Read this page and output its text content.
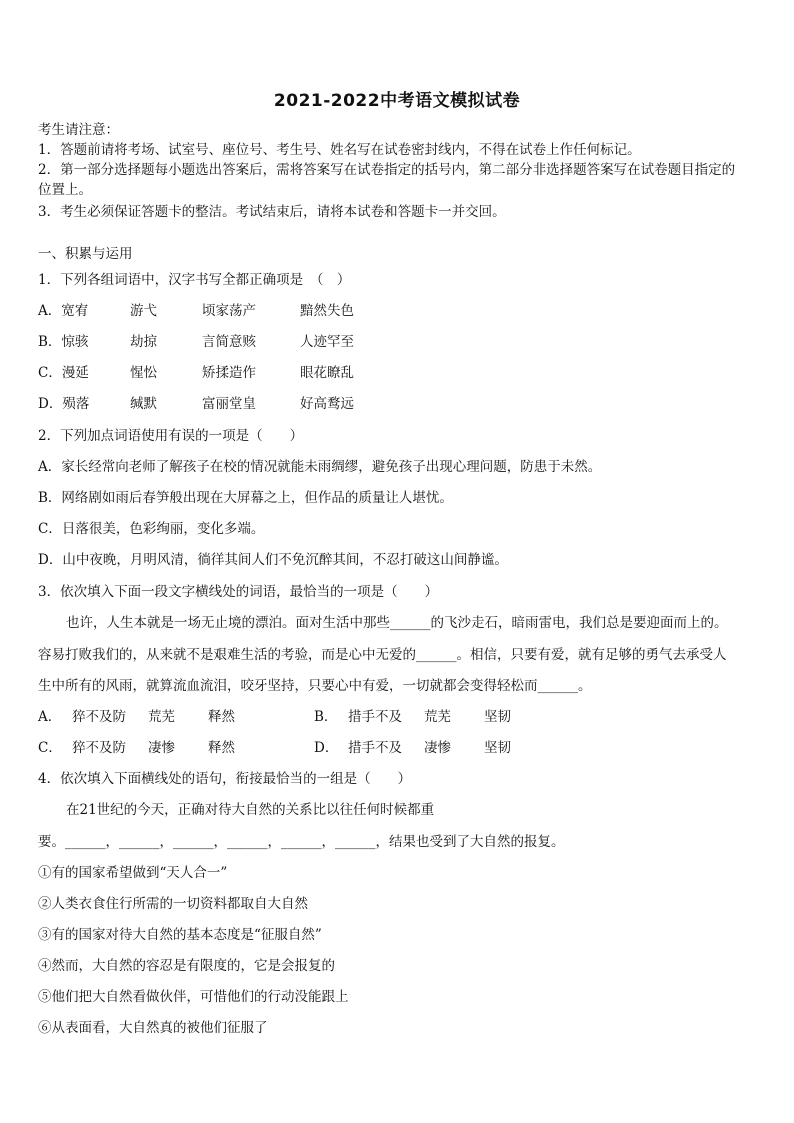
2021-2022中考语文模拟试卷
考生请注意：
1．答题前请将考场、试室号、座位号、考生号、姓名写在试卷密封线内，不得在试卷上作任何标记。
2．第一部分选择题每小题选出答案后，需将答案写在试卷指定的括号内，第二部分非选择题答案写在试卷题目指定的
位置上。
3．考生必须保证答题卡的整洁。考试结束后，请将本试卷和答题卡一并交回。
一、积累与运用
1．下列各组词语中，汉字书写全都正确项是　（　）
A．宽宥	游弋	顷家荡产	黯然失色
B．惊骇	劫掠	言简意赅	人迹罕至
C．漫延	惺忪	矫揉造作	眼花瞭乱
D．殒落	缄默	富丽堂皇	好高鹜远
2．下列加点词语使用有误的一项是（　　）
A．家长经常向老师了解孩子在校的情况就能未雨绸缪，避免孩子出现心理问题，防患于未然。
B．网络剧如雨后春笋般出现在大屏幕之上，但作品的质量让人堪忧。
C．日落很美，色彩绚丽，变化多端。
D．山中夜晚，月明风清，徜徉其间人们不免沉醉其间，不忍打破这山间静谧。
3．依次填入下面一段文字横线处的词语，最恰当的一项是（　　）
也许，人生本就是一场无止境的漂泊。面对生活中那些______的飞沙走石，暗雨雷电，我们总是要迎面而上的。
容易打败我们的，从来就不是艰难生活的考验，而是心中无爱的______。相信，只要有爱，就有足够的勇气去承受人
生中所有的风雨，就算流血流泪，咬牙坚持，只要心中有爱，一切就都会变得轻松而______。
A． 猝不及防 荒芜 释然	B． 措手不及 荒芜 坚韧
C． 猝不及防 凄惨 释然	D． 措手不及 凄惨 坚韧
4．依次填入下面横线处的语句，衔接最恰当的一组是（　　）
在21世纪的今天，正确对待大自然的关系比以往任何时候都重
要。______，______，______，______，______，______，结果也受到了大自然的报复。
①有的国家希望做到“天人合一”
②人类衣食住行所需的一切资料都取自大自然
③有的国家对待大自然的基本态度是“征服自然”
④然而，大自然的容忍是有限度的，它是会报复的
⑤他们把大自然看做伙伴，可惜他们的行动没能跟上
⑥从表面看，大自然真的被他们征服了
